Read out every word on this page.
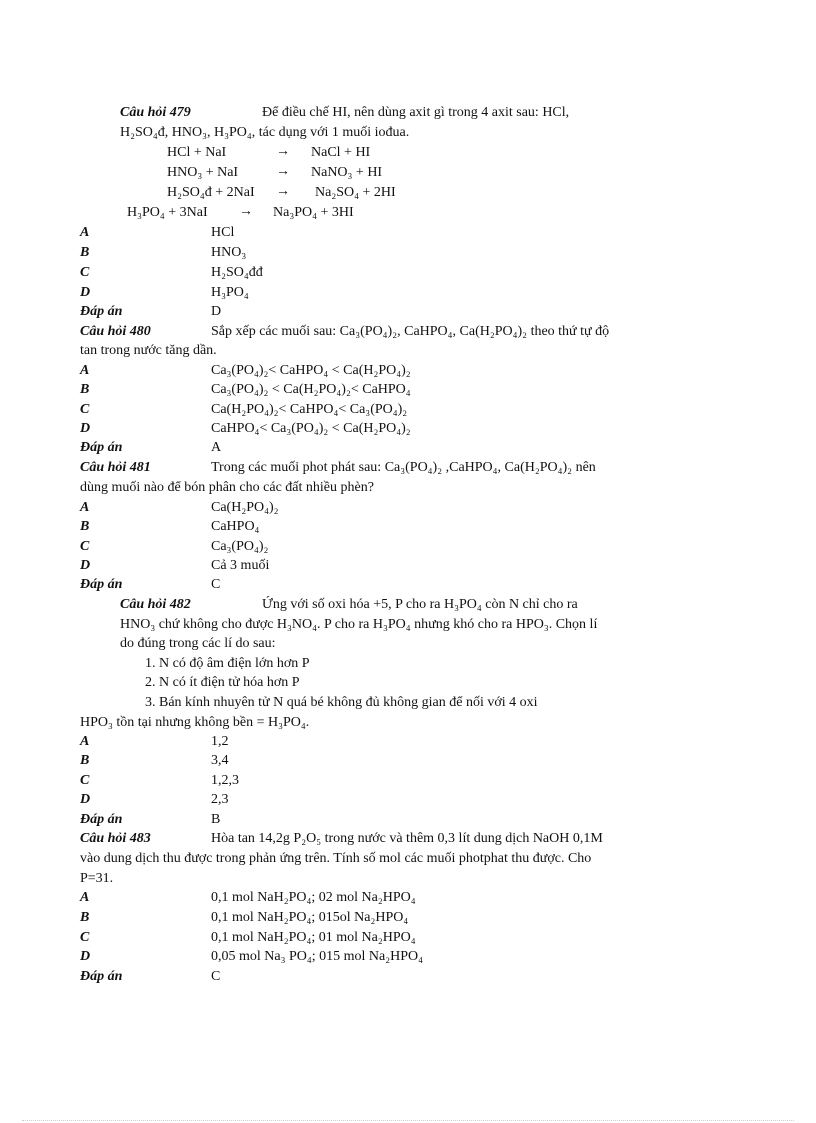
Câu hỏi 479	Để điều chế HI, nên dùng axit gì trong 4 axit sau: HCl,
H₂SO₄đ, HNO₃, H₃PO₄, tác dụng với 1 muối iođua.
HCl + NaI	→ NaCl + HI
HNO₃ + NaI	→ NaNO₃ + HI
H₂SO₄đ + 2NaI → Na₂SO₄ + 2HI
H₃PO₄ + 3NaI → Na₃PO₄ + 3HI
A	HCl
B	HNO₃
C	H₂SO₄đđ
D	H₃PO₄
Đáp án	D
Câu hỏi 480	Sắp xếp các muối sau: Ca₃(PO₄)₂, CaHPO₄, Ca(H₂PO₄)₂ theo thứ tự độ
tan trong nước tăng dần.
A	Ca₃(PO₄)₂< CaHPO₄ < Ca(H₂PO₄)₂
B	Ca₃(PO₄)₂ < Ca(H₂PO₄)₂< CaHPO₄
C	Ca(H₂PO₄)₂< CaHPO₄< Ca₃(PO₄)₂
D	CaHPO₄< Ca₃(PO₄)₂ < Ca(H₂PO₄)₂
Đáp án	A
Câu hỏi 481	Trong các muối phot phát sau: Ca₃(PO₄)₂ ,CaHPO₄, Ca(H₂PO₄)₂ nên
dùng muối nào để bón phân cho các đất nhiều phèn?
A	Ca(H₂PO₄)₂
B	CaHPO₄
C	Ca₃(PO₄)₂
D	Cả 3 muối
Đáp án	C
Câu hỏi 482	Ứng với số oxi hóa +5, P cho ra H₃PO₄ còn N chỉ cho ra
HNO₃ chứ không cho được H₃NO₄. P cho ra H₃PO₄ nhưng khó cho ra HPO₃. Chọn lí
do đúng trong các lí do sau:
1. N có độ âm điện lớn hơn P
2. N có ít điện tử hóa hơn P
3. Bán kính nhuyên tử N quá bé không đủ không gian để nối với 4 oxi
HPO₃ tồn tại nhưng không bền = H₃PO₄.
A	1,2
B	3,4
C	1,2,3
D	2,3
Đáp án	B
Câu hỏi 483	Hòa tan 14,2g P₂O₅ trong nước và thêm 0,3 lít dung dịch NaOH 0,1M
vào dung dịch thu được trong phản ứng trên. Tính số mol các muối photphat thu được. Cho
P=31.
A	0,1 mol NaH₂PO₄; 02 mol Na₂HPO₄
B	0,1 mol NaH₂PO₄; 015ol Na₂HPO₄
C	0,1 mol NaH₂PO₄; 01 mol Na₂HPO₄
D	0,05 mol Na₃ PO₄; 015 mol Na₂HPO₄
Đáp án	C
